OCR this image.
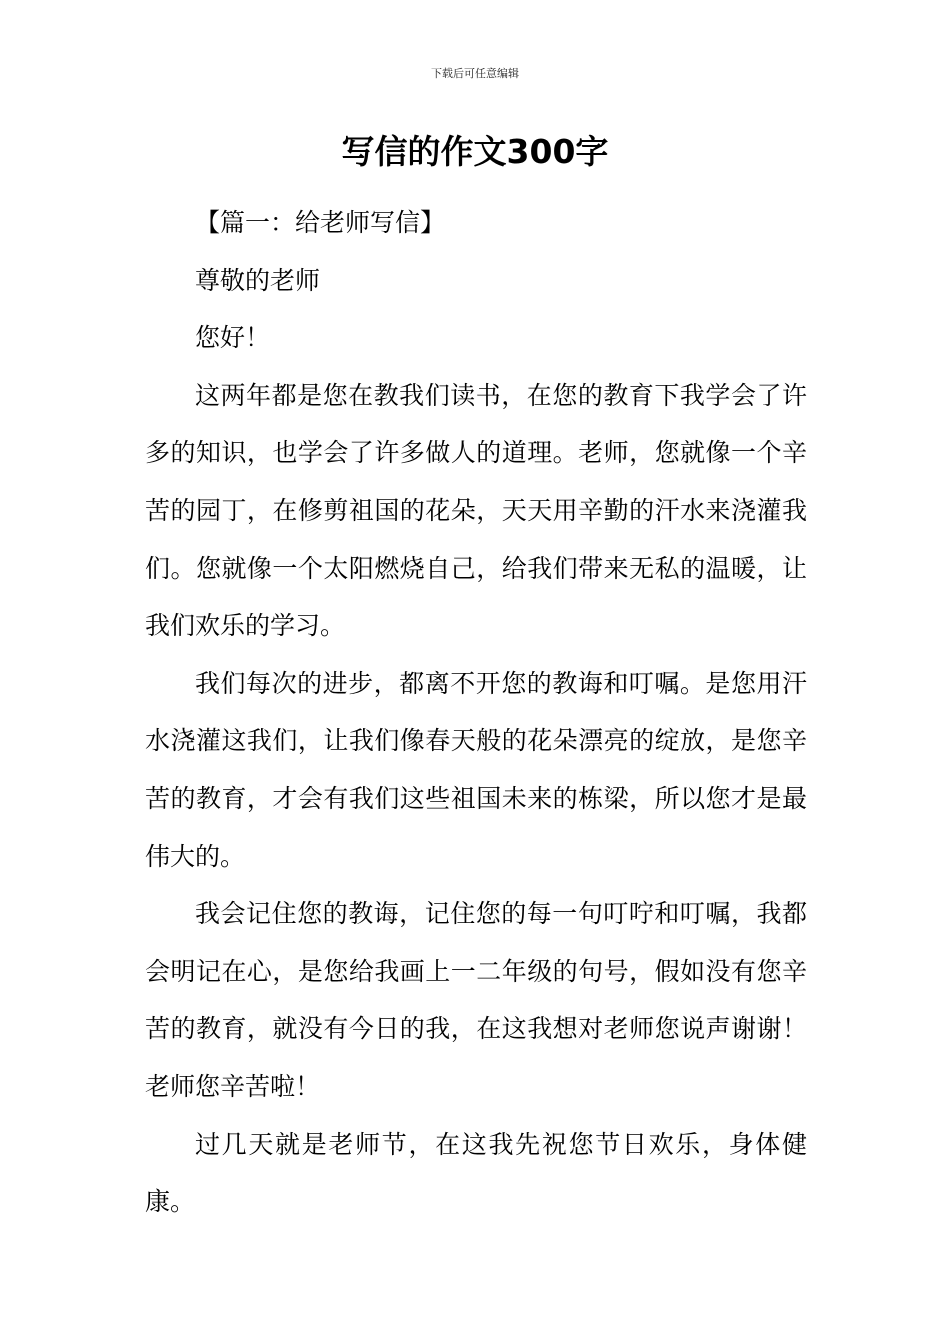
下载后可任意编辑
写信的作文300字

【篇一：给老师写信】

尊敬的老师

您好！

这两年都是您在教我们读书，在您的教育下我学会了许多的知识，也学会了许多做人的道理。老师，您就像一个辛苦的园丁，在修剪祖国的花朵，天天用辛勤的汗水来浇灌我们。您就像一个太阳燃烧自己，给我们带来无私的温暖，让我们欢乐的学习。

我们每次的进步，都离不开您的教诲和叮嘱。是您用汗水浇灌这我们，让我们像春天般的花朵漂亮的绽放，是您辛苦的教育，才会有我们这些祖国未来的栋梁，所以您才是最伟大的。

我会记住您的教诲，记住您的每一句叮咛和叮嘱，我都会明记在心，是您给我画上一二年级的句号，假如没有您辛苦的教育，就没有今日的我，在这我想对老师您说声谢谢！老师您辛苦啦！

过几天就是老师节，在这我先祝您节日欢乐，身体健康。
